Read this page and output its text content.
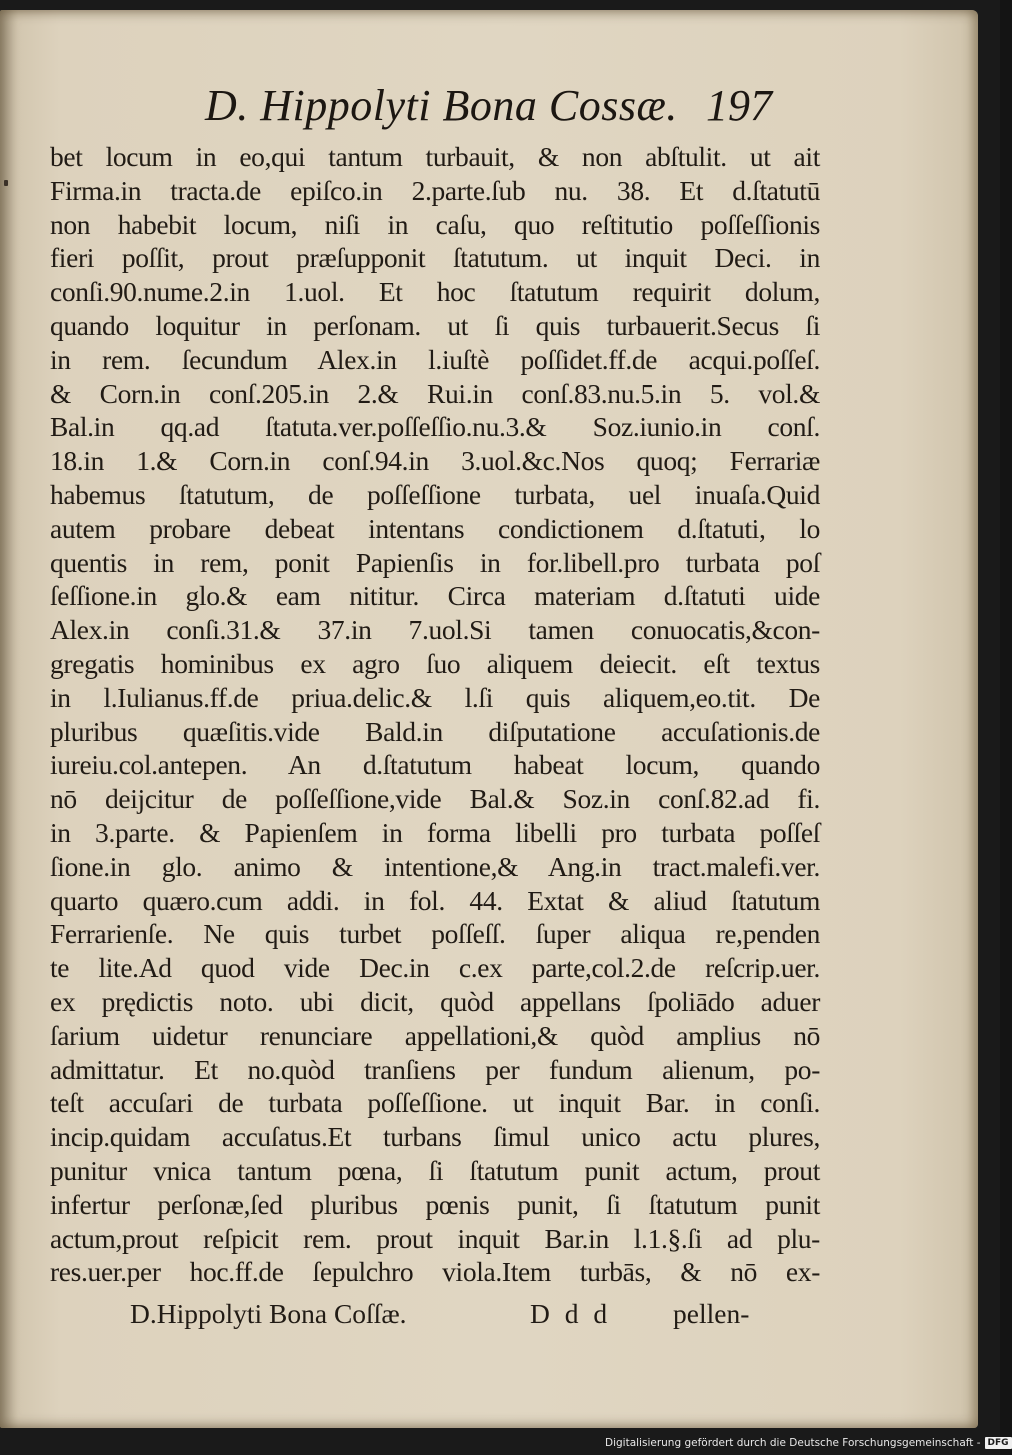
D. Hippolyti Bona Cossæ. 197
bet locum in eo,qui tantum turbauit, & non abſtulit. ut ait
Firma.in tracta.de epiſco.in 2.parte.ſub nu. 38. Et d.ſtatutū
non habebit locum, niſi in caſu, quo reſtitutio poſſeſſionis
fieri poſſit, prout præſupponit ſtatutum. ut inquit Deci. in
conſi.90.nume.2.in 1.uol. Et hoc ſtatutum requirit dolum,
quando loquitur in perſonam. ut ſi quis turbauerit.Secus ſi
in rem. ſecundum Alex.in l.iuſtè poſſidet.ff.de acqui.poſſeſ.
& Corn.in conſ.205.in 2.& Rui.in conſ.83.nu.5.in 5. vol.&
Bal.in qq.ad ſtatuta.ver.poſſeſſio.nu.3.& Soz.iunio.in conſ.
18.in 1.& Corn.in conſ.94.in 3.uol.&c.Nos quoq; Ferrariæ
habemus ſtatutum, de poſſeſſione turbata, uel inuaſa.Quid
autem probare debeat intentans condictionem d.ſtatuti, lo
quentis in rem, ponit Papienſis in for.libell.pro turbata poſ
ſeſſione.in glo.& eam nititur. Circa materiam d.ſtatuti uide
Alex.in conſi.31.& 37.in 7.uol.Si tamen conuocatis,&con-
gregatis hominibus ex agro ſuo aliquem deiecit. eſt textus
in l.Iulianus.ff.de priua.delic.& l.ſi quis aliquem,eo.tit. De
pluribus quæſitis.vide Bald.in diſputatione accuſationis.de
iureiu.col.antepen. An d.ſtatutum habeat locum, quando
nō deijcitur de poſſeſſione,vide Bal.& Soz.in conſ.82.ad fi.
in 3.parte. & Papienſem in forma libelli pro turbata poſſeſ
ſione.in glo. animo & intentione,& Ang.in tract.malefi.ver.
quarto quæro.cum addi. in fol. 44. Extat & aliud ſtatutum
Ferrarienſe. Ne quis turbet poſſeſſ. ſuper aliqua re,penden
te lite.Ad quod vide Dec.in c.ex parte,col.2.de reſcrip.uer.
ex prędictis noto. ubi dicit, quòd appellans ſpoliādo aduer
ſarium uidetur renunciare appellationi,& quòd amplius nō
admittatur. Et no.quòd tranſiens per fundum alienum, po-
teſt accuſari de turbata poſſeſſione. ut inquit Bar. in conſi.
incip.quidam accuſatus.Et turbans ſimul unico actu plures,
punitur vnica tantum pœna, ſi ſtatutum punit actum, prout
infertur perſonæ,ſed pluribus pœnis punit, ſi ſtatutum punit
actum,prout reſpicit rem. prout inquit Bar.in l.1.§.ſi ad plu-
res.uer.per hoc.ff.de ſepulchro viola.Item turbās, & nō ex-
D.Hippolyti Bona Coſſæ.	D d d pellen-
Digitalisierung gefördert durch die Deutsche Forschungsgemeinschaft - DFG
